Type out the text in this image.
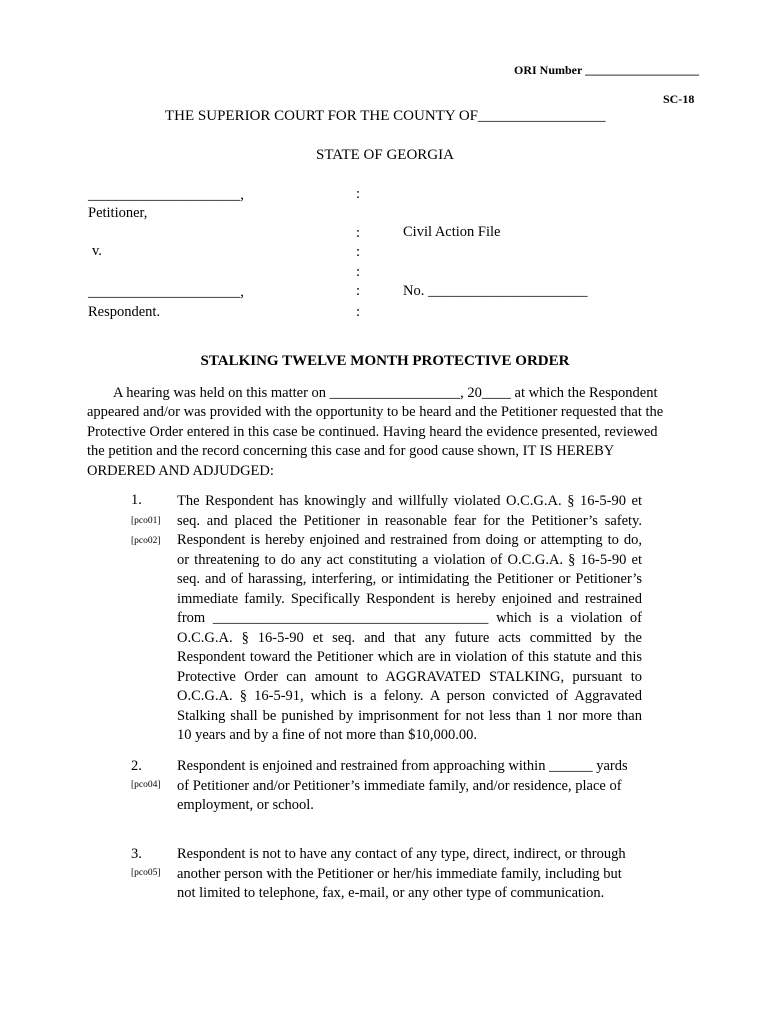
ORI Number ___________________
SC-18
THE SUPERIOR COURT FOR THE COUNTY OF_________________
STATE OF GEORGIA
_____________________,
Petitioner,
v.
_____________________,
Respondent.
:
:
:
:
:
:
Civil Action File
No. ______________________
STALKING TWELVE MONTH PROTECTIVE ORDER
A hearing was held on this matter on __________________, 20____ at which the Respondent appeared and/or was provided with the opportunity to be heard and the Petitioner requested that the Protective Order entered in this case be continued. Having heard the evidence presented, reviewed the petition and the record concerning this case and for good cause shown, IT IS HEREBY ORDERED AND ADJUDGED:
1.
[pco01]
[pco02]
The Respondent has knowingly and willfully violated O.C.G.A. § 16-5-90 et seq. and placed the Petitioner in reasonable fear for the Petitioner’s safety. Respondent is hereby enjoined and restrained from doing or attempting to do, or threatening to do any act constituting a violation of O.C.G.A. § 16-5-90 et seq. and of harassing, interfering, or intimidating the Petitioner or Petitioner’s immediate family. Specifically Respondent is hereby enjoined and restrained from ______________________________________ which is a violation of O.C.G.A. § 16-5-90 et seq. and that any future acts committed by the Respondent toward the Petitioner which are in violation of this statute and this Protective Order can amount to AGGRAVATED STALKING, pursuant to O.C.G.A. § 16-5-91, which is a felony. A person convicted of Aggravated Stalking shall be punished by imprisonment for not less than 1 nor more than 10 years and by a fine of not more than $10,000.00.
2.
[pco04]
Respondent is enjoined and restrained from approaching within ______ yards of Petitioner and/or Petitioner’s immediate family, and/or residence, place of employment, or school.
3.
[pco05]
Respondent is not to have any contact of any type, direct, indirect, or through another person with the Petitioner or her/his immediate family, including but not limited to telephone, fax, e-mail, or any other type of communication.
